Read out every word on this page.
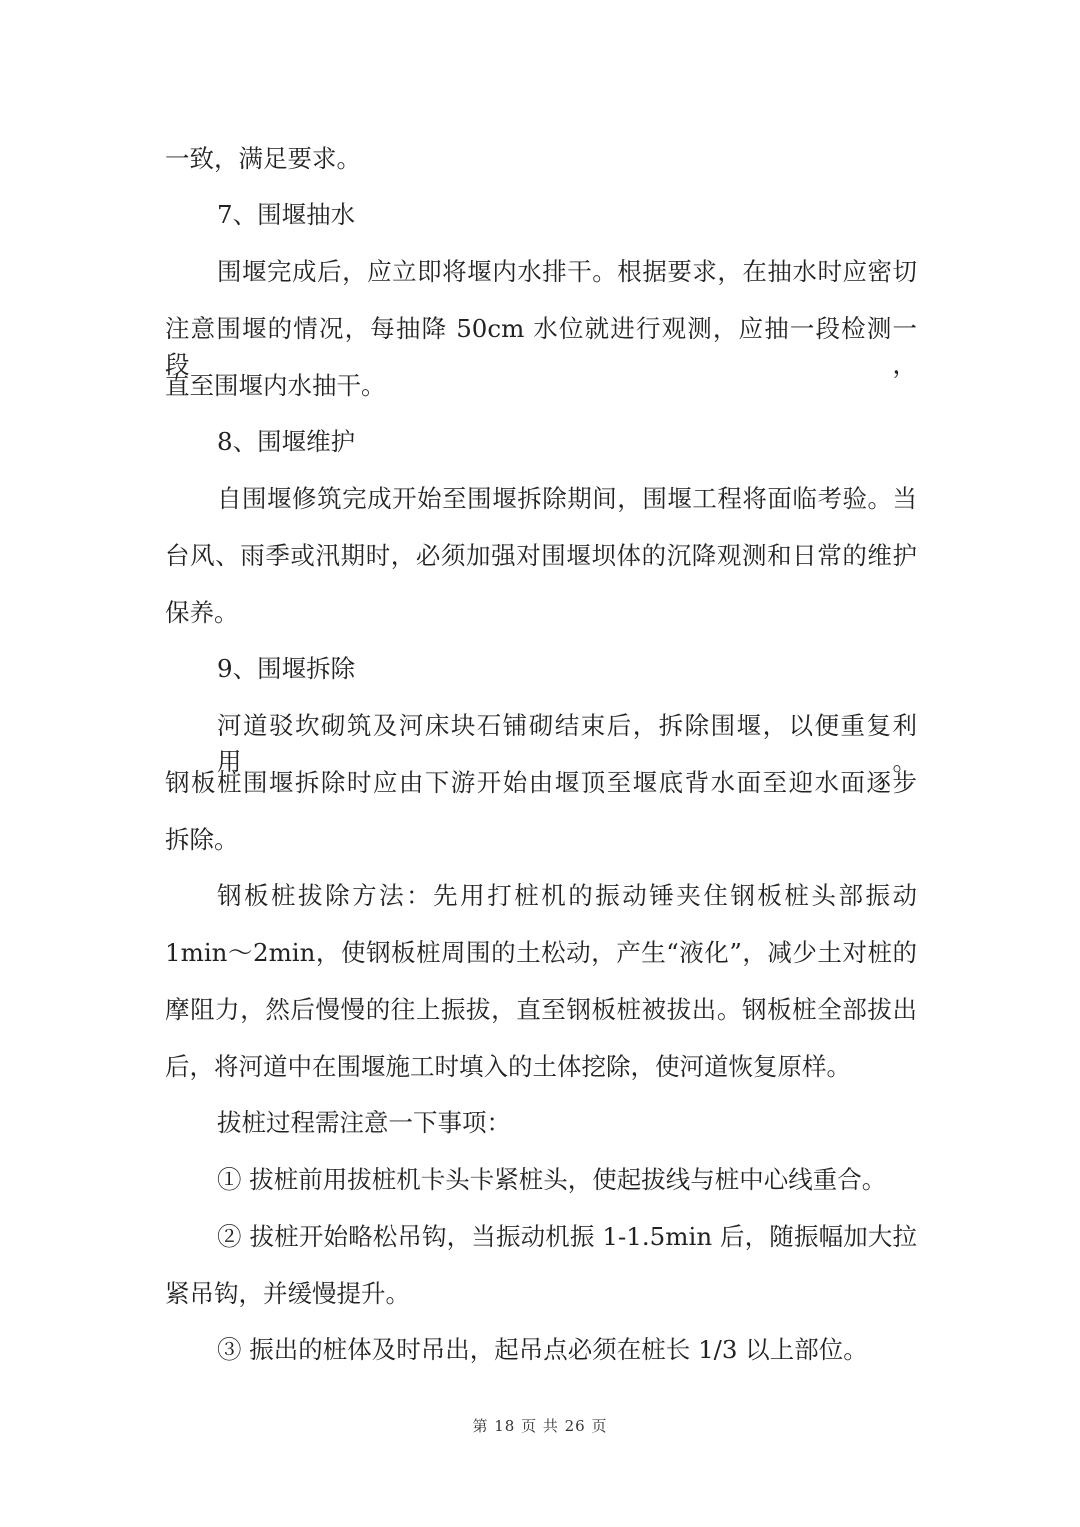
一致，满足要求。
7、围堰抽水
围堰完成后，应立即将堰内水排干。根据要求，在抽水时应密切
注意围堰的情况，每抽降 50cm 水位就进行观测，应抽一段检测一段，
直至围堰内水抽干。
8、围堰维护
自围堰修筑完成开始至围堰拆除期间，围堰工程将面临考验。当
台风、雨季或汛期时，必须加强对围堰坝体的沉降观测和日常的维护
保养。
9、围堰拆除
河道驳坎砌筑及河床块石铺砌结束后，拆除围堰，以便重复利用。
钢板桩围堰拆除时应由下游开始由堰顶至堰底背水面至迎水面逐步
拆除。
钢板桩拔除方法：先用打桩机的振动锤夹住钢板桩头部振动
1min～2min，使钢板桩周围的土松动，产生“液化”，减少土对桩的
摩阻力，然后慢慢的往上振拔，直至钢板桩被拔出。钢板桩全部拔出
后，将河道中在围堰施工时填入的土体挖除，使河道恢复原样。
拔桩过程需注意一下事项：
① 拔桩前用拔桩机卡头卡紧桩头，使起拔线与桩中心线重合。
② 拔桩开始略松吊钩，当振动机振 1-1.5min 后，随振幅加大拉
紧吊钩，并缓慢提升。
③ 振出的桩体及时吊出，起吊点必须在桩长 1/3 以上部位。
第 18 页 共 26 页
